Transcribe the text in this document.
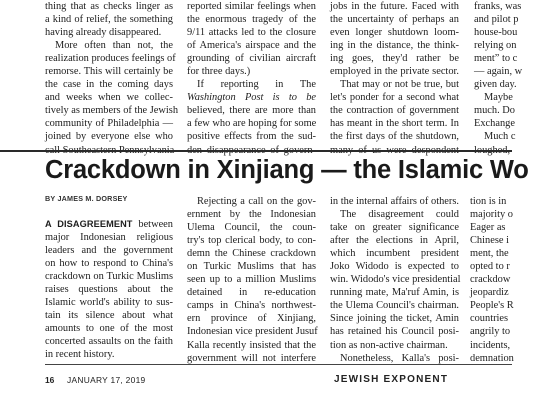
thing that as checks linger as
a kind of relief, the something
having already disappeared.
More often than not, the
realization produces feelings of
remorse. This will certainly be
the case in the coming days
and weeks when we collec-
tively as members of the Jewish
community of Philadelphia —
joined by everyone else who
reported similar feelings when
the enormous tragedy of the
9/11 attacks led to the closure
of America's airspace and the
grounding of civilian aircraft
for three days.)
If reporting in The
Washington Post is to be
believed, there are more than
a few who are hoping for some
positive effects from the sud-
jobs in the future. Faced with
the uncertainty of perhaps an
even longer shutdown loom-
ing in the distance, the think-
ing goes, they'd rather be
employed in the private sector.
That may or not be true, but
let's ponder for a second what
the contraction of government
has meant in the short term. In
the first days of the shutdown,
franks, was
and pilot p
house-bou
relying on
ment” to c
— again, w
given day.
Maybe
much. Do
Exchange
Much c
Crackdown in Xinjiang — the Islamic Wo
BY JAMES M. DORSEY
A DISAGREEMENT between
major Indonesian religious
leaders and the government
on how to respond to China's
crackdown on Turkic Muslims
raises questions about the
Islamic world's ability to sus-
tain its silence about what
amounts to one of the most
concerted assaults on the faith
in recent history.
Rejecting a call on the gov-
ernment by the Indonesian
Ulema Council, the coun-
try's top clerical body, to con-
demn the Chinese crackdown
on Turkic Muslims that has
seen up to a million Muslims
detained in re-education
camps in China's northwest-
ern province of Xinjiang,
Indonesian vice president Jusuf
Kalla recently insisted that the
government will not interfere
in the internal affairs of others.
The disagreement could
take on greater significance
after the elections in April,
which incumbent president
Joko Widodo is expected to
win. Widodo's vice presidential
running mate, Ma'ruf Amin, is
the Ulema Council's chairman.
Since joining the ticket, Amin
has retained his Council posi-
tion as non-active chairman.
Nonetheless, Kalla's posi-
tion is in
majority o
Eager as
Chinese i
ment, the
opted to r
crackdow
jeopardiz
People's R
countries
angrily to
incidents,
demnation
16 JANUARY 17, 2019	JEWISH EXPONENT
